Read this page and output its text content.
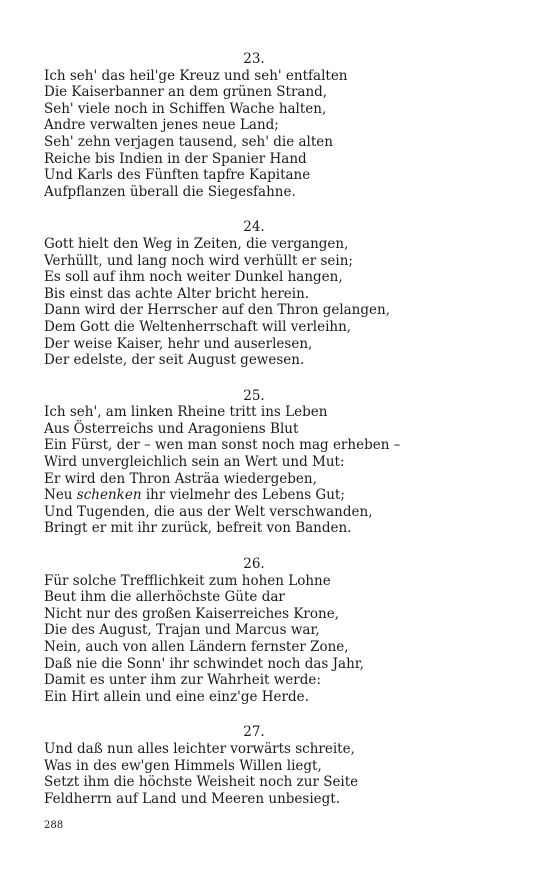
23.
Ich seh' das heil'ge Kreuz und seh' entfalten
Die Kaiserbanner an dem grünen Strand,
Seh' viele noch in Schiffen Wache halten,
Andre verwalten jenes neue Land;
Seh' zehn verjagen tausend, seh' die alten
Reiche bis Indien in der Spanier Hand
Und Karls des Fünften tapfre Kapitane
Aufpflanzen überall die Siegesfahne.
24.
Gott hielt den Weg in Zeiten, die vergangen,
Verhüllt, und lang noch wird verhüllt er sein;
Es soll auf ihm noch weiter Dunkel hangen,
Bis einst das achte Alter bricht herein.
Dann wird der Herrscher auf den Thron gelangen,
Dem Gott die Weltenherrschaft will verleihn,
Der weise Kaiser, hehr und auserlesen,
Der edelste, der seit August gewesen.
25.
Ich seh', am linken Rheine tritt ins Leben
Aus Österreichs und Aragoniens Blut
Ein Fürst, der – wen man sonst noch mag erheben –
Wird unvergleichlich sein an Wert und Mut:
Er wird den Thron Asträa wiedergeben,
Neu schenken ihr vielmehr des Lebens Gut;
Und Tugenden, die aus der Welt verschwanden,
Bringt er mit ihr zurück, befreit von Banden.
26.
Für solche Trefflichkeit zum hohen Lohne
Beut ihm die allerhöchste Güte dar
Nicht nur des großen Kaiserreiches Krone,
Die des August, Trajan und Marcus war,
Nein, auch von allen Ländern fernster Zone,
Daß nie die Sonn' ihr schwindet noch das Jahr,
Damit es unter ihm zur Wahrheit werde:
Ein Hirt allein und eine einz'ge Herde.
27.
Und daß nun alles leichter vorwärts schreite,
Was in des ew'gen Himmels Willen liegt,
Setzt ihm die höchste Weisheit noch zur Seite
Feldherrn auf Land und Meeren unbesiegt.
288
